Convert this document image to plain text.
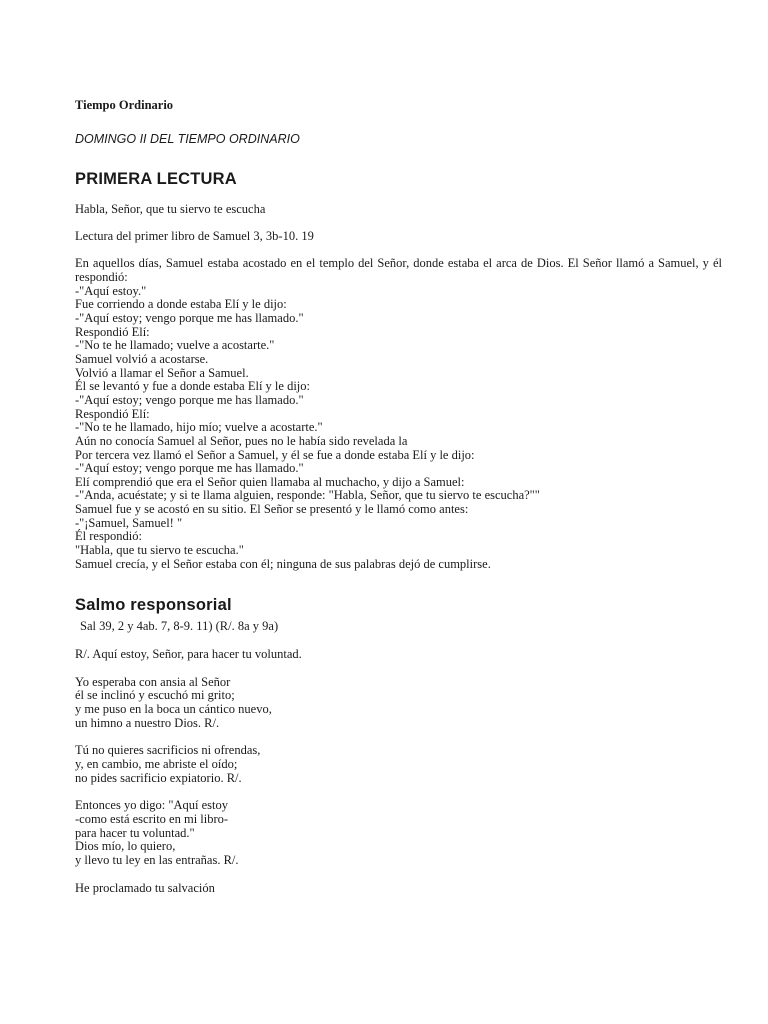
Tiempo Ordinario

DOMINGO II DEL TIEMPO ORDINARIO

PRIMERA LECTURA

Habla, Señor, que tu siervo te escucha

Lectura del primer libro de Samuel 3, 3b-10. 19

En aquellos días, Samuel estaba acostado en el templo del Señor, donde estaba el arca de Dios. El Señor llamó a Samuel, y él respondió:
-"Aquí estoy."
Fue corriendo a donde estaba Elí y le dijo:
-"Aquí estoy; vengo porque me has llamado."
Respondió Elí:
-"No te he llamado; vuelve a acostarte."
Samuel volvió a acostarse.
Volvió a llamar el Señor a Samuel.
Él se levantó y fue a donde estaba Elí y le dijo:
-"Aquí estoy; vengo porque me has llamado."
Respondió Elí:
-"No te he llamado, hijo mío; vuelve a acostarte."
Aún no conocía Samuel al Señor, pues no le había sido revelada la
Por tercera vez llamó el Señor a Samuel, y él se fue a donde estaba Elí y le dijo:
-"Aquí estoy; vengo porque me has llamado."
Elí comprendió que era el Señor quien llamaba al muchacho, y dijo a Samuel:
-"Anda, acuéstate; y si te llama alguien, responde: "Habla, Señor, que tu siervo te escucha?""
Samuel fue y se acostó en su sitio. El Señor se presentó y le llamó como antes:
-"¡Samuel, Samuel! "
Él respondió:
"Habla, que tu siervo te escucha."
Samuel crecía, y el Señor estaba con él; ninguna de sus palabras dejó de cumplirse.
Salmo responsorial

Sal 39, 2 y 4ab. 7, 8-9. 11) (R/. 8a y 9a)

R/. Aquí estoy, Señor, para hacer tu voluntad.

Yo esperaba con ansia al Señor
él se inclinó y escuchó mi grito;
y me puso en la boca un cántico nuevo,
un himno a nuestro Dios. R/.
Tú no quieres sacrificios ni ofrendas,
y, en cambio, me abriste el oído;
no pides sacrificio expiatorio. R/.
Entonces yo digo: "Aquí estoy
-como está escrito en mi libro-
para hacer tu voluntad."
Dios mío, lo quiero,
y llevo tu ley en las entrañas. R/.
He proclamado tu salvación
